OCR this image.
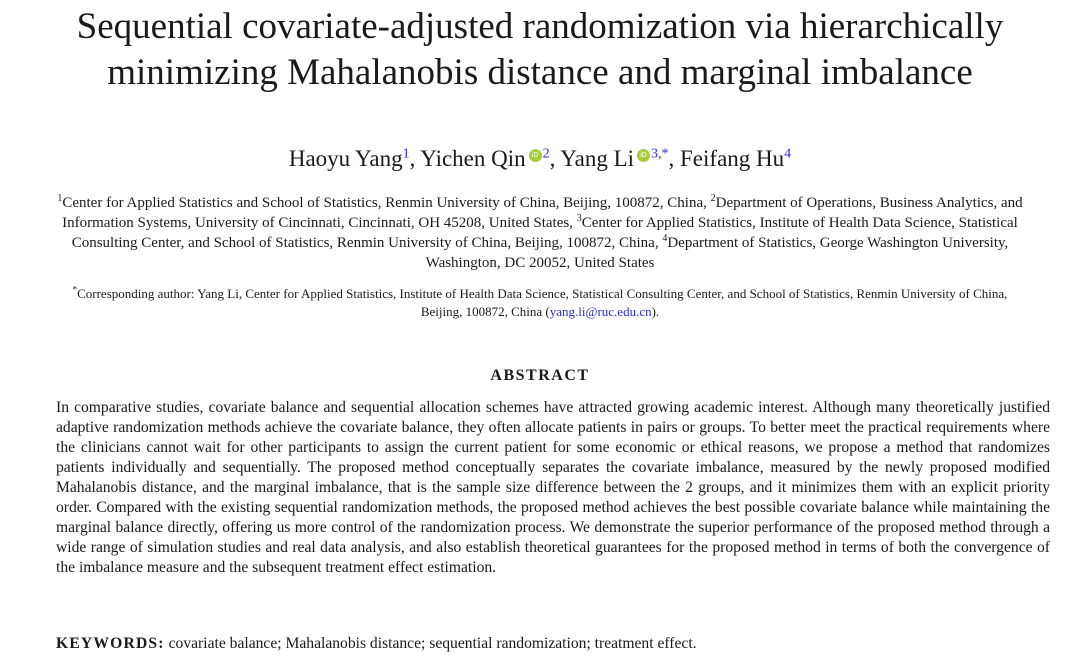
Sequential covariate-adjusted randomization via hierarchically minimizing Mahalanobis distance and marginal imbalance
Haoyu Yang$^1$, Yichen Qin iD $^2$, Yang Li iD $^{3,*}$, Feifang Hu$^4$
$^1$Center for Applied Statistics and School of Statistics, Renmin University of China, Beijing, 100872, China, $^2$Department of Operations, Business Analytics, and Information Systems, University of Cincinnati, Cincinnati, OH 45208, United States, $^3$Center for Applied Statistics, Institute of Health Data Science, Statistical Consulting Center, and School of Statistics, Renmin University of China, Beijing, 100872, China, $^4$Department of Statistics, George Washington University, Washington, DC 20052, United States
*Corresponding author: Yang Li, Center for Applied Statistics, Institute of Health Data Science, Statistical Consulting Center, and School of Statistics, Renmin University of China, Beijing, 100872, China (yang.li@ruc.edu.cn).
ABSTRACT

In comparative studies, covariate balance and sequential allocation schemes have attracted growing academic interest. Although many theoretically justified adaptive randomization methods achieve the covariate balance, they often allocate patients in pairs or groups. To better meet the practical requirements where the clinicians cannot wait for other participants to assign the current patient for some economic or ethical reasons, we propose a method that randomizes patients individually and sequentially. The proposed method conceptually separates the covariate imbalance, measured by the newly proposed modified Mahalanobis distance, and the marginal imbalance, that is the sample size difference between the 2 groups, and it minimizes them with an explicit priority order. Compared with the existing sequential randomization methods, the proposed method achieves the best possible covariate balance while maintaining the marginal balance directly, offering us more control of the randomization process. We demonstrate the superior performance of the proposed method through a wide range of simulation studies and real data analysis, and also establish theoretical guarantees for the proposed method in terms of both the convergence of the imbalance measure and the subsequent treatment effect estimation.

KEYWORDS: covariate balance; Mahalanobis distance; sequential randomization; treatment effect.
